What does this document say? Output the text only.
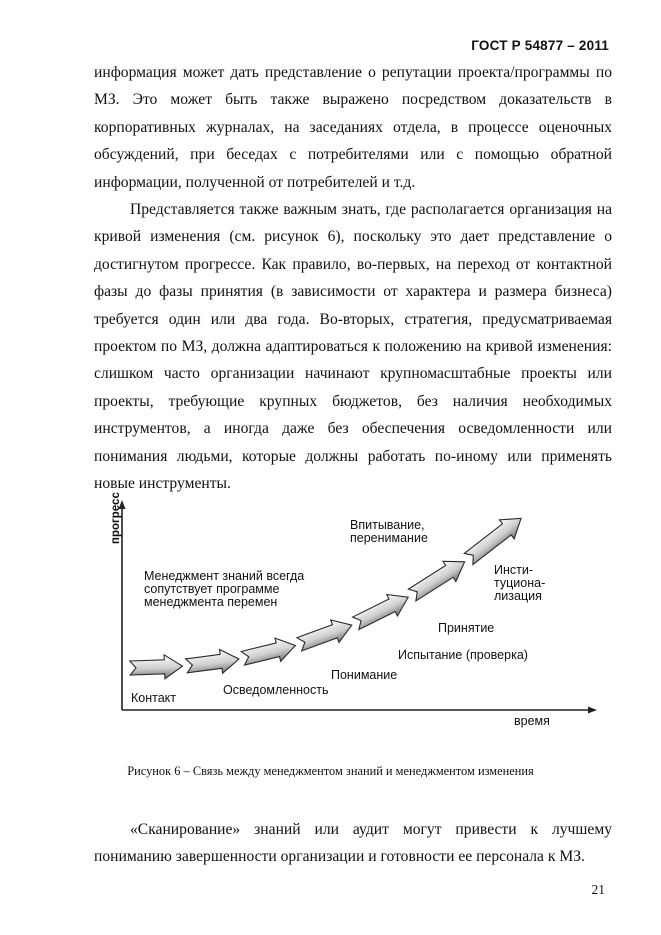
ГОСТ Р 54877 – 2011

информация может дать представление о репутации проекта/программы по МЗ. Это может быть также выражено посредством доказательств в корпоративных журналах, на заседаниях отдела, в процессе оценочных обсуждений, при беседах с потребителями или с помощью обратной информации, полученной от потребителей и т.д.

Представляется также важным знать, где располагается организация на кривой изменения (см. рисунок 6), поскольку это дает представление о достигнутом прогрессе. Как правило, во-первых, на переход от контактной фазы до фазы принятия (в зависимости от характера и размера бизнеса) требуется один или два года. Во-вторых, стратегия, предусматриваемая проектом по МЗ, должна адаптироваться к положению на кривой изменения: слишком часто организации начинают крупномасштабные проекты или проекты, требующие крупных бюджетов, без наличия необходимых инструментов, а иногда даже без обеспечения осведомленности или понимания людьми, которые должны работать по-иному или применять новые инструменты.

прогресс
время
Менеджмент знаний всегда
сопутствует программе
менеджмента перемен
Контакт
Осведомленность
Понимание
Испытание (проверка)
Принятие
Инсти-
туциона-
лизация
Впитывание,
перенимание
Рисунок 6 – Связь между менеджментом знаний и менеджментом изменения

«Сканирование» знаний или аудит могут привести к лучшему пониманию завершенности организации и готовности ее персонала к МЗ.

21
